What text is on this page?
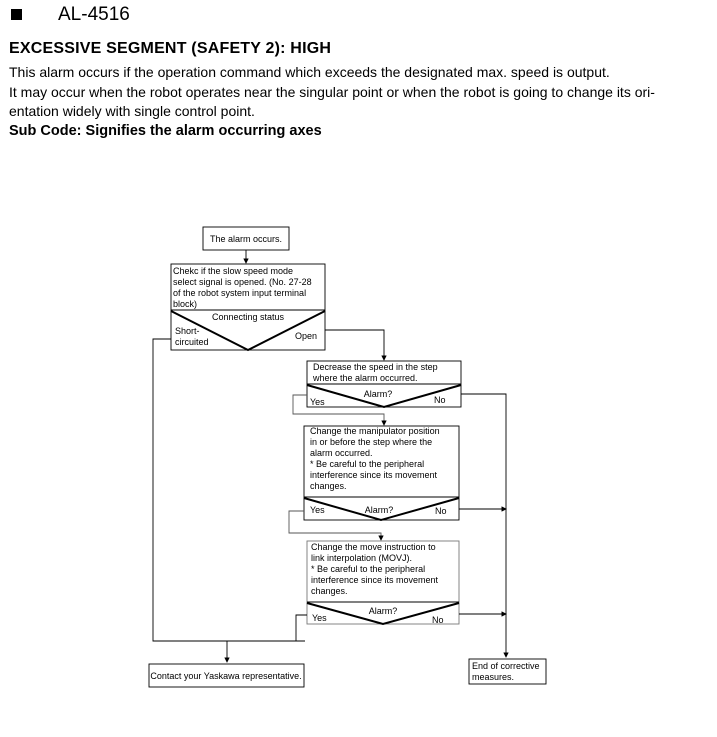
AL-4516
EXCESSIVE SEGMENT (SAFETY 2): HIGH
This alarm occurs if the operation command which exceeds the designated max. speed is output.
It may occur when the robot operates near the singular point or when the robot is going to change its ori-
entation widely with single control point.
Sub Code: Signifies the alarm occurring axes
The alarm occurs.
Chekc if the slow speed mode
select signal is opened. (No. 27-28
of the robot system input terminal
block)
Connecting status
Short-
circuited
Open
Decrease the speed in the step
where the alarm occurred.
Alarm?
Yes	No
Change the manipulator position
in or before the step where the
alarm occurred.
* Be careful to the peripheral
interference since its movement
changes.
Alarm?
Yes	No
Change the move instruction to
link interpolation (MOVJ).
* Be careful to the peripheral
interference since its movement
changes.
Alarm?
Yes	No
Contact your Yaskawa representative.
End of corrective
measures.
